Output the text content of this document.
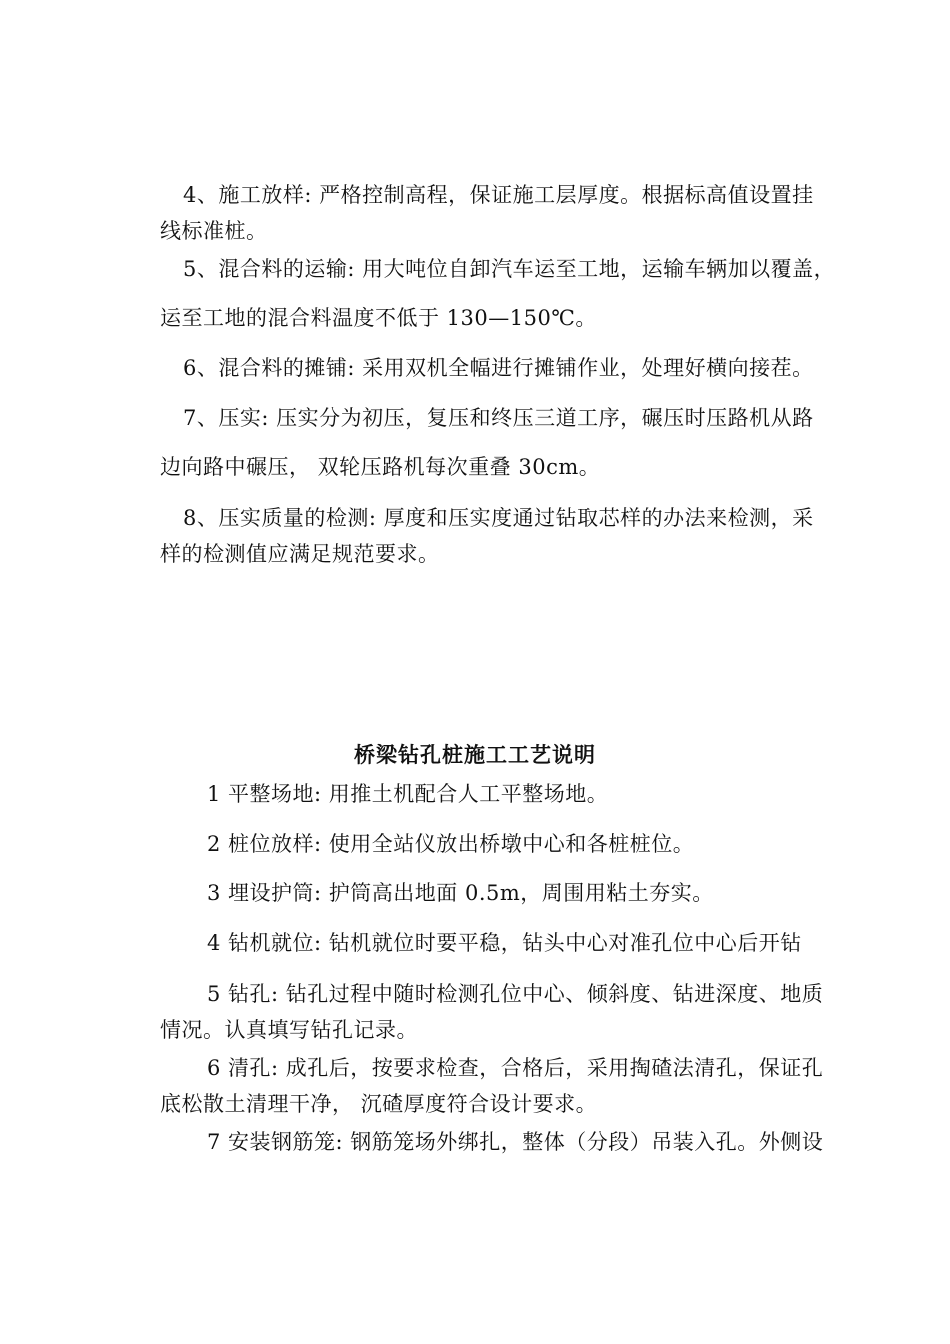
4、施工放样: 严格控制高程，保证施工层厚度。根据标高值设置挂
线标准桩。
5、混合料的运输: 用大吨位自卸汽车运至工地，运输车辆加以覆盖，
运至工地的混合料温度不低于 130—150℃。
6、混合料的摊铺: 采用双机全幅进行摊铺作业，处理好横向接茬。
7、压实: 压实分为初压，复压和终压三道工序，碾压时压路机从路
边向路中碾压， 双轮压路机每次重叠 30cm。
8、压实质量的检测: 厚度和压实度通过钻取芯样的办法来检测，采
样的检测值应满足规范要求。
桥梁钻孔桩施工工艺说明
1 平整场地: 用推土机配合人工平整场地。
2 桩位放样: 使用全站仪放出桥墩中心和各桩桩位。
3 埋设护筒: 护筒高出地面 0.5m，周围用粘土夯实。
4 钻机就位: 钻机就位时要平稳，钻头中心对准孔位中心后开钻
5 钻孔: 钻孔过程中随时检测孔位中心、倾斜度、钻进深度、地质
情况。认真填写钻孔记录。
6 清孔: 成孔后，按要求检查，合格后，采用掏碴法清孔，保证孔
底松散土清理干净， 沉碴厚度符合设计要求。
7 安装钢筋笼: 钢筋笼场外绑扎，整体（分段）吊装入孔。外侧设
